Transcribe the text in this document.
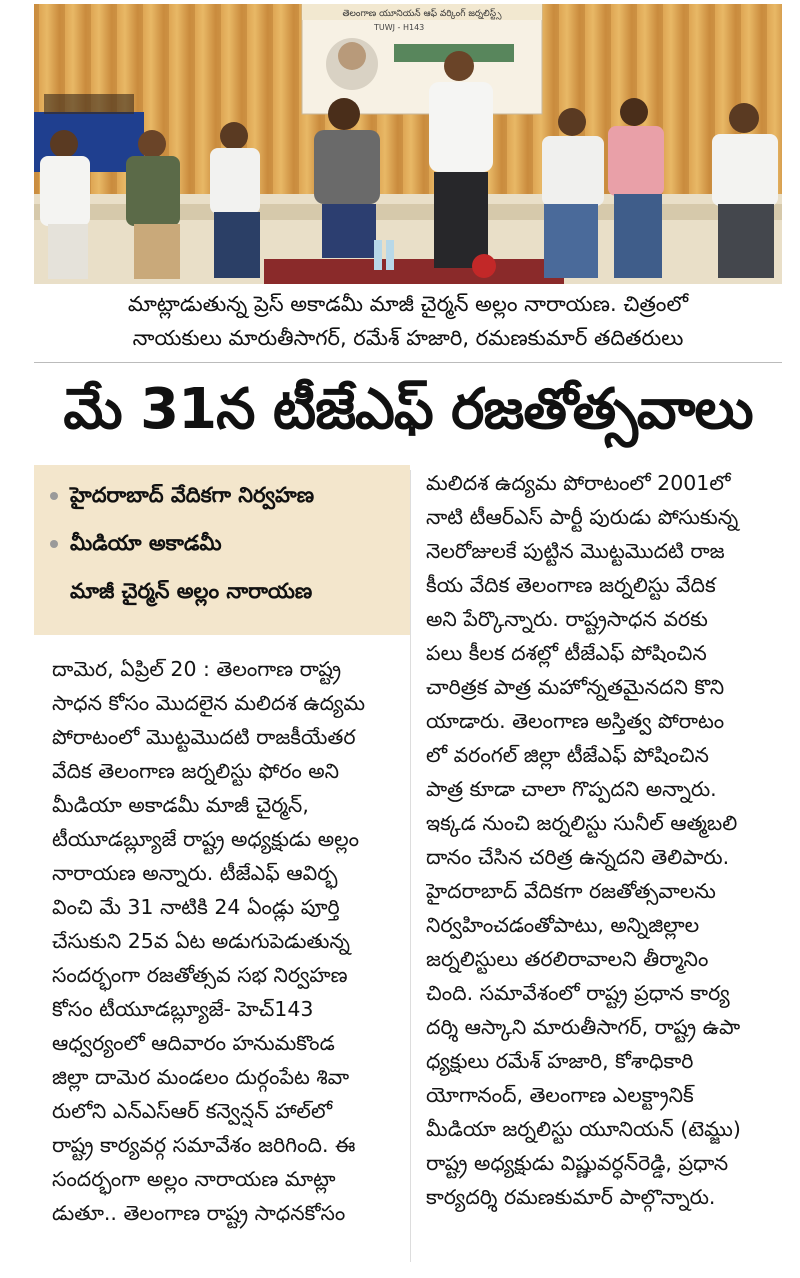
తెలంగాణ యూనియన్ ఆఫ్ వర్కింగ్ జర్నలిస్ట్స్
TUWJ - H143
మాట్లాడుతున్న ప్రెస్ అకాడమీ మాజీ చైర్మన్ అల్లం నారాయణ. చిత్రంలో
నాయకులు మారుతీసాగర్, రమేశ్ హజారి, రమణకుమార్ తదితరులు
మే 31న టీజేఎఫ్ రజతోత్సవాలు
హైదరాబాద్ వేదికగా నిర్వహణ
మీడియా అకాడమీ
మాజీ చైర్మన్ అల్లం నారాయణ
దామెర, ఏప్రిల్ 20 : తెలంగాణ రాష్ట్ర
సాధన కోసం మొదలైన మలిదశ ఉద్యమ
పోరాటంలో మొట్టమొదటి రాజకీయేతర
వేదిక తెలంగాణ జర్నలిస్టు ఫోరం అని
మీడియా అకాడమీ మాజీ చైర్మన్,
టీయూడబ్ల్యూజే రాష్ట్ర అధ్యక్షుడు అల్లం
నారాయణ అన్నారు. టీజేఎఫ్ ఆవిర్భ
వించి మే 31 నాటికి 24 ఏండ్లు పూర్తి
చేసుకుని 25వ ఏట అడుగుపెడుతున్న
సందర్భంగా రజతోత్సవ సభ నిర్వహణ
కోసం టీయూడబ్ల్యూజే- హెచ్143
ఆధ్వర్యంలో ఆదివారం హనుమకొండ
జిల్లా దామెర మండలం దుర్గంపేట శివా
రులోని ఎన్ఎస్ఆర్ కన్వెన్షన్ హాల్‌లో
రాష్ట్ర కార్యవర్గ సమావేశం జరిగింది. ఈ
సందర్భంగా అల్లం నారాయణ మాట్లా
డుతూ.. తెలంగాణ రాష్ట్ర సాధనకోసం
మలిదశ ఉద్యమ పోరాటంలో 2001లో
నాటి టీఆర్ఎస్ పార్టీ పురుడు పోసుకున్న
నెలరోజులకే పుట్టిన మొట్టమొదటి రాజ
కీయ వేదిక తెలంగాణ జర్నలిస్టు వేదిక
అని పేర్కొన్నారు. రాష్ట్రసాధన వరకు
పలు కీలక దశల్లో టీజేఎఫ్ పోషించిన
చారిత్రక పాత్ర మహోన్నతమైనదని కొని
యాడారు. తెలంగాణ అస్తిత్వ పోరాటం
లో వరంగల్ జిల్లా టీజేఎఫ్ పోషించిన
పాత్ర కూడా చాలా గొప్పదని అన్నారు.
ఇక్కడ నుంచి జర్నలిస్టు సునీల్ ఆత్మబలి
దానం చేసిన చరిత్ర ఉన్నదని తెలిపారు.
హైదరాబాద్ వేదికగా రజతోత్సవాలను
నిర్వహించడంతోపాటు, అన్నిజిల్లాల
జర్నలిస్టులు తరలిరావాలని తీర్మానిం
చింది. సమావేశంలో రాష్ట్ర ప్రధాన కార్య
దర్శి ఆస్కాని మారుతీసాగర్, రాష్ట్ర ఉపా
ధ్యక్షులు రమేశ్ హజారి, కోశాధికారి
యోగానంద్, తెలంగాణ ఎలక్ట్రానిక్
మీడియా జర్నలిస్టు యూనియన్ (టెమ్జు)
రాష్ట్ర అధ్యక్షుడు విష్ణువర్ధన్‌రెడ్డి, ప్రధాన
కార్యదర్శి రమణకుమార్ పాల్గొన్నారు.
